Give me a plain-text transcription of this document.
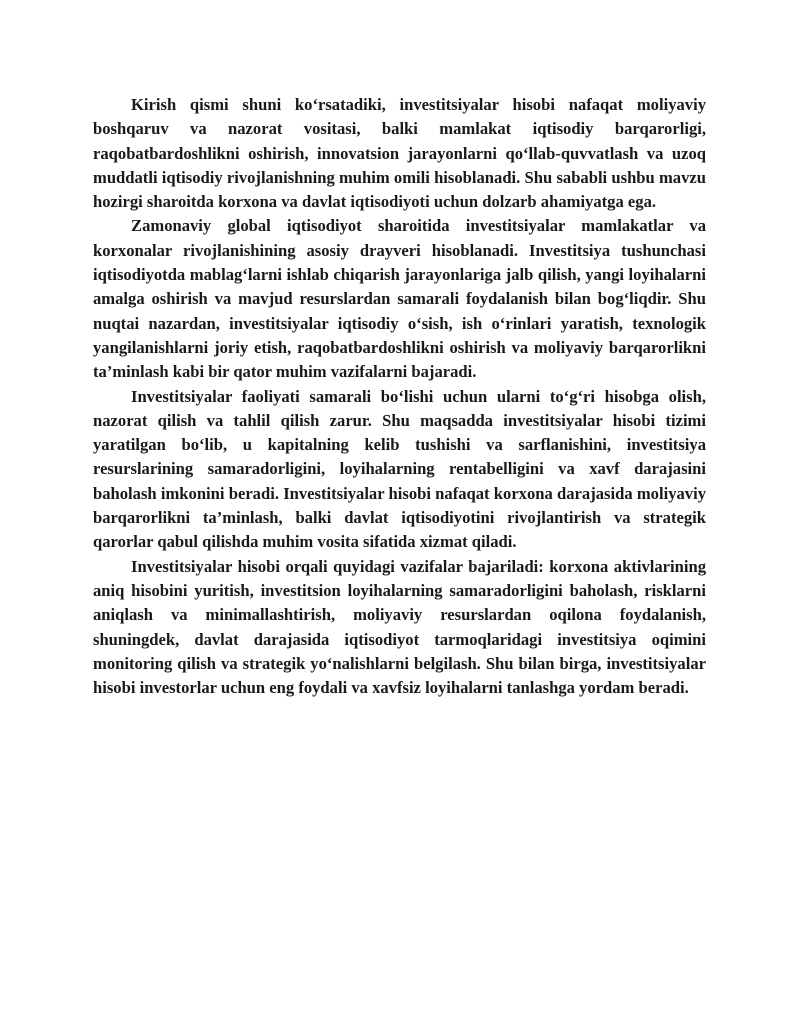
Kirish qismi shuni ko‘rsatadiki, investitsiyalar hisobi nafaqat moliyaviy boshqaruv va nazorat vositasi, balki mamlakat iqtisodiy barqarorligi, raqobatbardoshlikni oshirish, innovatsion jarayonlarni qo‘llab-quvvatlash va uzoq muddatli iqtisodiy rivojlanishning muhim omili hisoblanadi. Shu sababli ushbu mavzu hozirgi sharoitda korxona va davlat iqtisodiyoti uchun dolzarb ahamiyatga ega.

Zamonaviy global iqtisodiyot sharoitida investitsiyalar mamlakatlar va korxonalar rivojlanishining asosiy drayveri hisoblanadi. Investitsiya tushunchasi iqtisodiyotda mablag‘larni ishlab chiqarish jarayonlariga jalb qilish, yangi loyihalarni amalga oshirish va mavjud resurslardan samarali foydalanish bilan bog‘liqdir. Shu nuqtai nazardan, investitsiyalar iqtisodiy o‘sish, ish o‘rinlari yaratish, texnologik yangilanishlarni joriy etish, raqobatbardoshlikni oshirish va moliyaviy barqarorlikni ta’minlash kabi bir qator muhim vazifalarni bajaradi.

Investitsiyalar faoliyati samarali bo‘lishi uchun ularni to‘g‘ri hisobga olish, nazorat qilish va tahlil qilish zarur. Shu maqsadda investitsiyalar hisobi tizimi yaratilgan bo‘lib, u kapitalning kelib tushishi va sarflanishini, investitsiya resurslarining samaradorligini, loyihalarning rentabelligini va xavf darajasini baholash imkonini beradi. Investitsiyalar hisobi nafaqat korxona darajasida moliyaviy barqarorlikni ta’minlash, balki davlat iqtisodiyotini rivojlantirish va strategik qarorlar qabul qilishda muhim vosita sifatida xizmat qiladi.

Investitsiyalar hisobi orqali quyidagi vazifalar bajariladi: korxona aktivlarining aniq hisobini yuritish, investitsion loyihalarning samaradorligini baholash, risklarni aniqlash va minimallashtirish, moliyaviy resurslardan oqilona foydalanish, shuningdek, davlat darajasida iqtisodiyot tarmoqlaridagi investitsiya oqimini monitoring qilish va strategik yo‘nalishlarni belgilash. Shu bilan birga, investitsiyalar hisobi investorlar uchun eng foydali va xavfsiz loyihalarni tanlashga yordam beradi.
